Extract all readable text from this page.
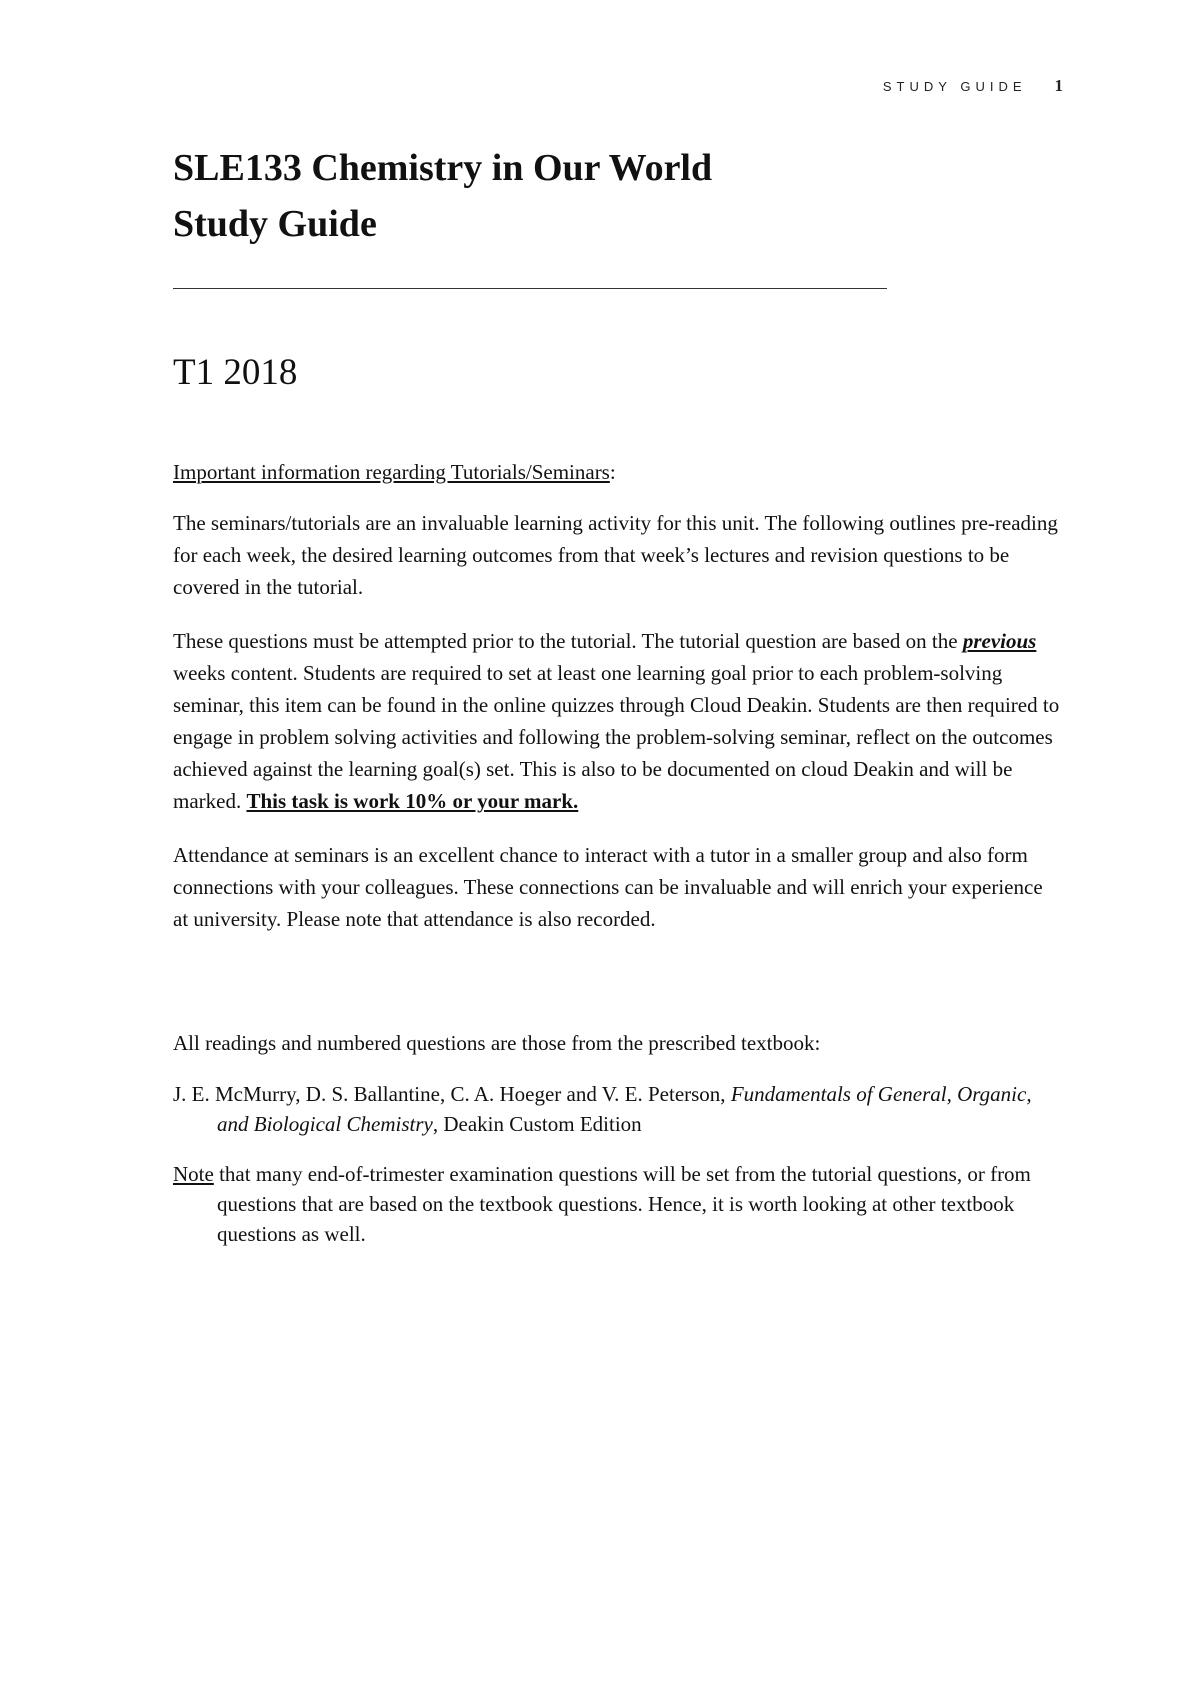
STUDY GUIDE 1
SLE133 Chemistry in Our World
Study Guide
T1 2018
Important information regarding Tutorials/Seminars:

The seminars/tutorials are an invaluable learning activity for this unit. The following outlines pre-reading for each week, the desired learning outcomes from that week’s lectures and revision questions to be covered in the tutorial.

These questions must be attempted prior to the tutorial. The tutorial question are based on the previous weeks content. Students are required to set at least one learning goal prior to each problem-solving seminar, this item can be found in the online quizzes through Cloud Deakin. Students are then required to engage in problem solving activities and following the problem-solving seminar, reflect on the outcomes achieved against the learning goal(s) set. This is also to be documented on cloud Deakin and will be marked. This task is work 10% or your mark.

Attendance at seminars is an excellent chance to interact with a tutor in a smaller group and also form connections with your colleagues. These connections can be invaluable and will enrich your experience at university. Please note that attendance is also recorded.

All readings and numbered questions are those from the prescribed textbook:

J. E. McMurry, D. S. Ballantine, C. A. Hoeger and V. E. Peterson, Fundamentals of General, Organic, and Biological Chemistry, Deakin Custom Edition

Note that many end-of-trimester examination questions will be set from the tutorial questions, or from questions that are based on the textbook questions. Hence, it is worth looking at other textbook questions as well.
